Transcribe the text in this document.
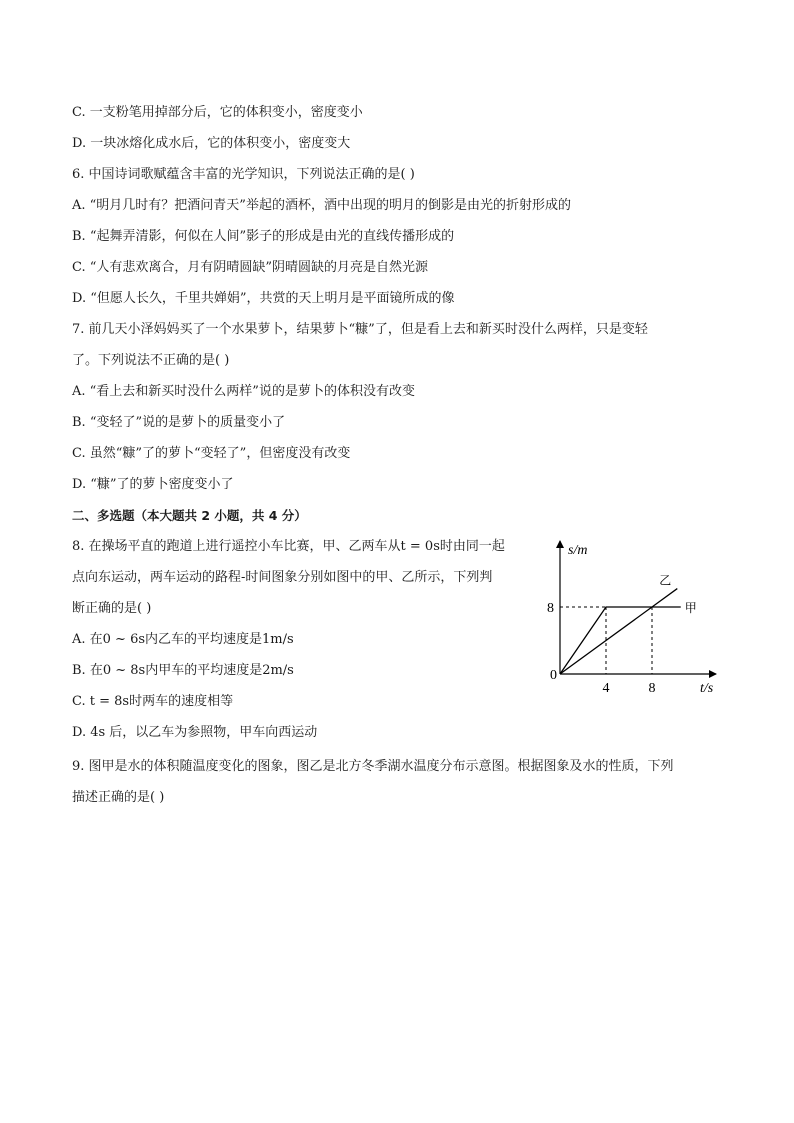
C. 一支粉笔用掉部分后，它的体积变小，密度变小
D. 一块冰熔化成水后，它的体积变小，密度变大
6. 中国诗词歌赋蕴含丰富的光学知识，下列说法正确的是( )
A. “明月几时有？把酒问青天”举起的酒杯，酒中出现的明月的倒影是由光的折射形成的
B. “起舞弄清影，何似在人间”影子的形成是由光的直线传播形成的
C. “人有悲欢离合，月有阴晴圆缺”阴晴圆缺的月亮是自然光源
D. “但愿人长久，千里共婵娟”，共赏的天上明月是平面镜所成的像
7. 前几天小泽妈妈买了一个水果萝卜，结果萝卜“糠”了，但是看上去和新买时没什么两样，只是变轻
了。下列说法不正确的是( )
A. “看上去和新买时没什么两样”说的是萝卜的体积没有改变
B. “变轻了”说的是萝卜的质量变小了
C. 虽然“糠”了的萝卜“变轻了”，但密度没有改变
D. “糠”了的萝卜密度变小了
二、多选题（本大题共 2 小题，共 4 分）
8. 在操场平直的跑道上进行遥控小车比赛，甲、乙两车从t = 0s时由同一起
点向东运动，两车运动的路程-时间图象分别如图中的甲、乙所示，下列判
断正确的是( )
A. 在0 ~ 6s内乙车的平均速度是1m/s
B. 在0 ~ 8s内甲车的平均速度是2m/s
C. t = 8s时两车的速度相等
D. 4s 后，以乙车为参照物，甲车向西运动
9. 图甲是水的体积随温度变化的图象，图乙是北方冬季湖水温度分布示意图。根据图象及水的性质，下列
描述正确的是( )
0
4	8
8
s/m
t/s
甲
乙
